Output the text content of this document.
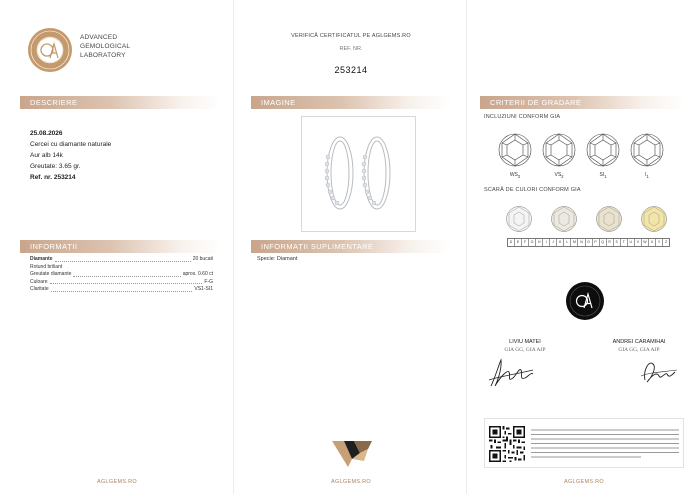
ADVANCED
GEMOLOGICAL
LABORATORY
DESCRIERE
25.08.2026
Cercei cu diamante naturale
Aur alb 14k
Greutate: 3.65 gr.
Ref. nr. 253214
INFORMAȚII
Diamante	20 bucati
Rotund briliant
Greutate diamante	aprox. 0.60 ct
Culoare	F-G
Claritate	VS1-SI1
AGLGEMS.RO
VERIFICĂ CERTIFICATUL PE AGLGEMS.RO
REF. NR.
253214
IMAGINE
INFORMAȚII SUPLIMENTARE
Specie: Diamant
AGLGEMS.RO
CRITERII DE GRADARE
INCLUZIUNI CONFORM GIA
$WS_2$	$VS_2$	$SI_1$	$I_1$
SCARĂ DE CULORI CONFORM GIA
D	E	F	G	H	I	J	K	L	M	N	O	P	Q	R	S	T	U	V	W	X	Y	Z
LIVIU MATEI
GIA GG, GIA AJP
ANDREI CARAMIHAI
GIA GG, GIA AJP
AGLGEMS.RO
